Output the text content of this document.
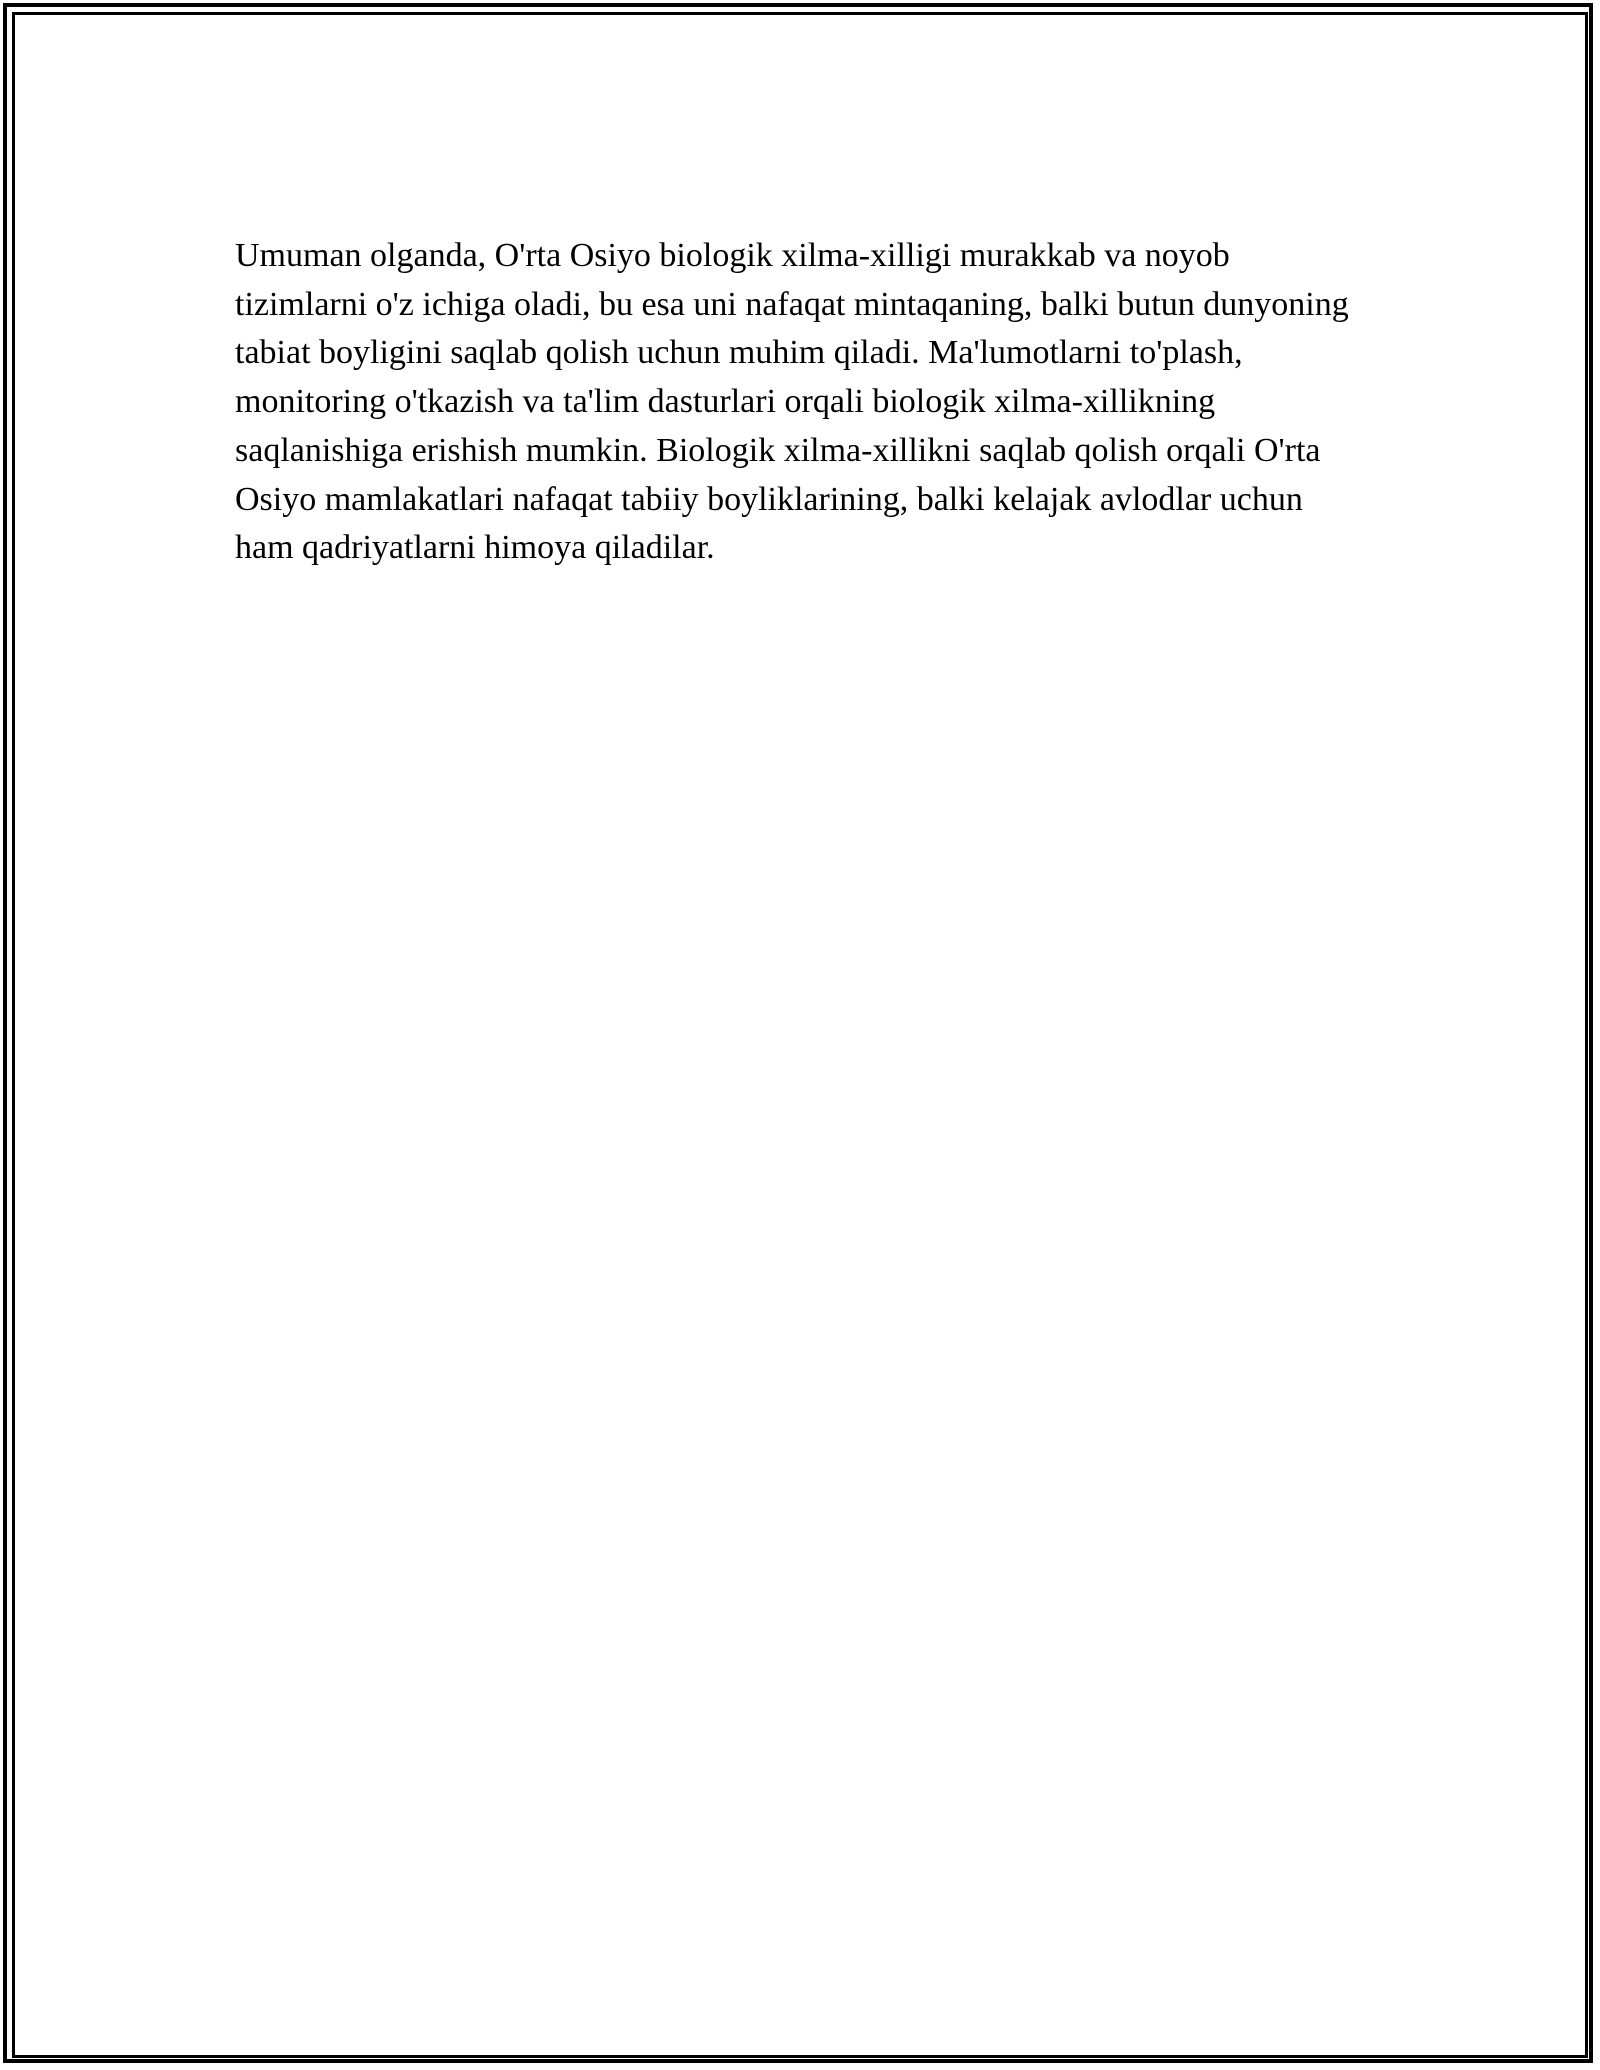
Umuman olganda, O'rta Osiyo biologik xilma-xilligi murakkab va noyob tizimlarni o'z ichiga oladi, bu esa uni nafaqat mintaqaning, balki butun dunyoning tabiat boyligini saqlab qolish uchun muhim qiladi. Ma'lumotlarni to'plash, monitoring o'tkazish va ta'lim dasturlari orqali biologik xilma-xillikning saqlanishiga erishish mumkin. Biologik xilma-xillikni saqlab qolish orqali O'rta Osiyo mamlakatlari nafaqat tabiiy boyliklarining, balki kelajak avlodlar uchun ham qadriyatlarni himoya qiladilar.
